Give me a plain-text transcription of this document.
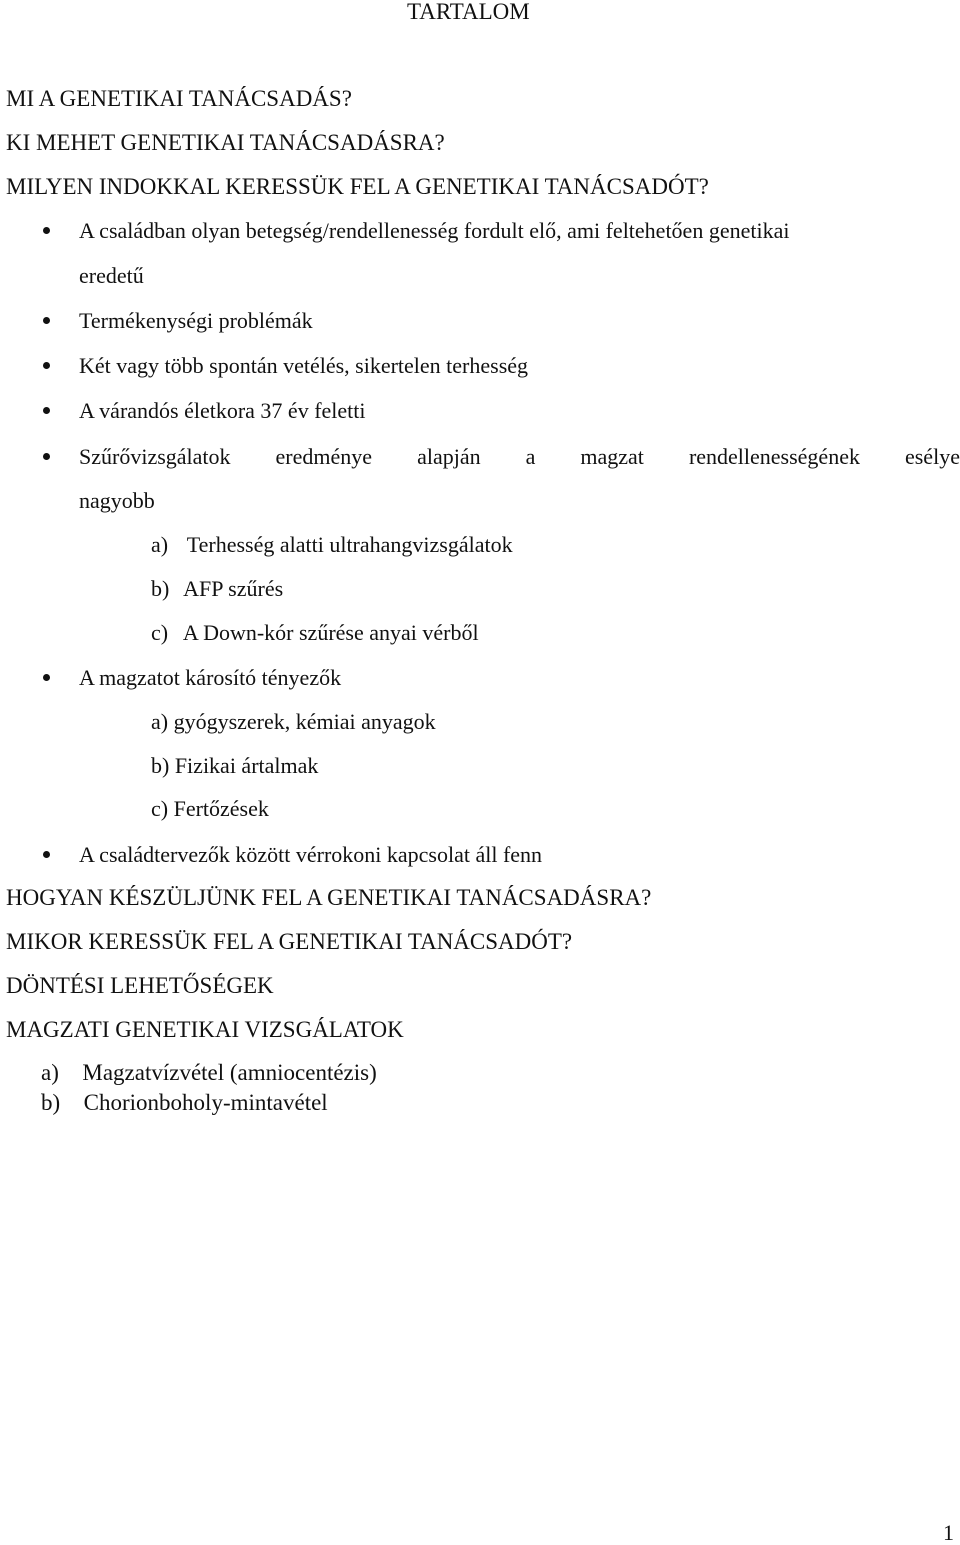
TARTALOM
MI A GENETIKAI TANÁCSADÁS?
KI MEHET GENETIKAI TANÁCSADÁSRA?
MILYEN INDOKKAL KERESSÜK FEL A GENETIKAI TANÁCSADÓT?
A családban olyan betegség/rendellenesség fordult elő, ami feltehetően genetikai
eredetű
Termékenységi problémák
Két vagy több spontán vetélés, sikertelen terhesség
A várandós életkora 37 év feletti
Szűrővizsgálatok eredménye alapján a magzat rendellenességének esélye
nagyobb
a) Terhesség alatti ultrahangvizsgálatok
b) AFP szűrés
c) A Down-kór szűrése anyai vérből
A magzatot károsító tényezők
a) gyógyszerek, kémiai anyagok
b) Fizikai ártalmak
c) Fertőzések
A családtervezők között vérrokoni kapcsolat áll fenn
HOGYAN KÉSZÜLJÜNK FEL A GENETIKAI TANÁCSADÁSRA?
MIKOR KERESSÜK FEL A GENETIKAI TANÁCSADÓT?
DÖNTÉSI LEHETŐSÉGEK
MAGZATI GENETIKAI VIZSGÁLATOK
a) Magzatvízvétel (amniocentézis)
b) Chorionboholy-mintavétel
1
